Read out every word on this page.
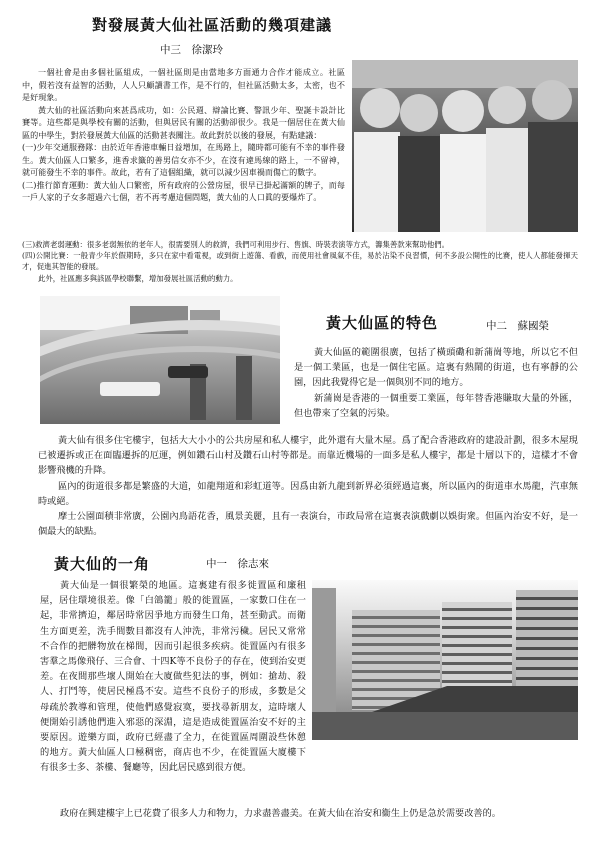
對發展黃大仙社區活動的幾項建議
中三　徐潔玲

一個社會是由多個社區組成，一個社區則是由當地多方面通力合作才能成立。社區中，假若沒有益智的活動，人人只顧讀書工作，是不行的，但社區活動太多，太密，也不是好現象。

黃大仙的社區活動向來甚爲成功，如：公民週、辯論比賽、警訊少年、聖誕卡設計比賽等。這些都是與學校有關的活動，但與居民有關的活動卻很少。我是一個居住在黃大仙區的中學生，對於發展黃大仙區的活動甚表關注。故此對於以後的發展，有點建議：

(一)少年交通服務隊：由於近年香港車輛日益增加，在馬路上，隨時都可能有不幸的事件發生。黃大仙區人口繁多，進香求籤的善男信女亦不少，在沒有違馬線的路上，一不留神，就可能發生不幸的事件。故此，若有了這個組織，就可以減少因車禍而傷亡的數字。

(二)推行節育運動：黃大仙人口繁密，所有政府的公營房屋，很早已掛起滿額的牌子，而每一戶人家的子女多超過六七個，若不再考慮這個問題，黃大仙的人口眞的要爆炸了。

(三)救濟老弱運動：很多老弱無依的老年人，很需要別人的救濟，我們可利用步行、售旗、時裝表演等方式，籌集善款來幫助他們。

(四)公開比賽：一般青少年於假期時，多只在家中看電視，或到街上遊蕩、看戲，而使用社會風氣不佳，易於沾染不良習慣，何不多設公開性的比賽，使人人都能發揮天才，促進其智能的發展。

此外，社區應多與該區學校聯繫，增加發展社區活動的動力。

黃大仙區的特色	中二　蘇國榮

黃大仙區的範圍很廣，包括了橫頭磡和新蒲崗等地，所以它不但是一個工業區，也是一個住宅區。這裏有熱鬧的街道，也有寧靜的公園，因此我覺得它是一個與別不同的地方。

新蒲崗是香港的一個重要工業區，每年替香港賺取大量的外匯，但也帶來了空氣的污染。

黃大仙有很多住宅樓宇，包括大大小小的公共房屋和私人樓宇，此外還有大量木屋。爲了配合香港政府的建設計劃，很多木屋現已被遷拆或正在面臨遷拆的厄運，例如鑽石山村及鑽石山村等都是。而靠近機場的一面多是私人樓宇，都是十層以下的，這樣才不會影響飛機的升降。

區內的街道很多都是繁盛的大道，如龍翔道和彩虹道等。因爲由新九龍到新界必須經過這裏，所以區內的街道車水馬龍，汽車無時或絕。

摩士公園面積非常廣，公園內鳥語花香，風景美麗，且有一表演台，市政局常在這裏表演戲劇以娛街衆。但區內治安不好，是一個最大的缺點。

黃大仙的一角	中一　徐志來

黃大仙是一個很繁榮的地區。這裏建有很多徙置區和廉租屋，居住環境很差。像「白鴿籠」般的徙置區，一家數口住在一起，非常擠迫，鄰居時常因爭地方而發生口角，甚至動武。而衛生方面更差，洗手間數目都沒有人沖洗，非常污穢。居民又常常不合作的把髒物放在梯間，因而引起很多疾病。徙置區內有很多害羣之馬像飛仔、三合會、十四K等不良份子的存在，使到治安更差。在夜間那些壞人開始在大廈做些犯法的事，例如：搶劫、殺人、打鬥等，使居民極爲不安。這些不良份子的形成，多數是父母疏於教導和管理，使他們感覺寂寞，要找尋新朋友，這時壞人便開始引誘他們進入邪惡的深淵，這是造成徙置區治安不好的主要原因。遊樂方面，政府已經盡了全力，在徙置區周圍設些休憩的地方。黃大仙區人口極稠密，商店也不少，在徙置區大廈樓下有很多士多、茶樓、餐廳等，因此居民感到很方便。

政府在興建樓宇上已花費了很多人力和物力，力求盡善盡美。在黃大仙在治安和衞生上仍是急於需要改善的。
